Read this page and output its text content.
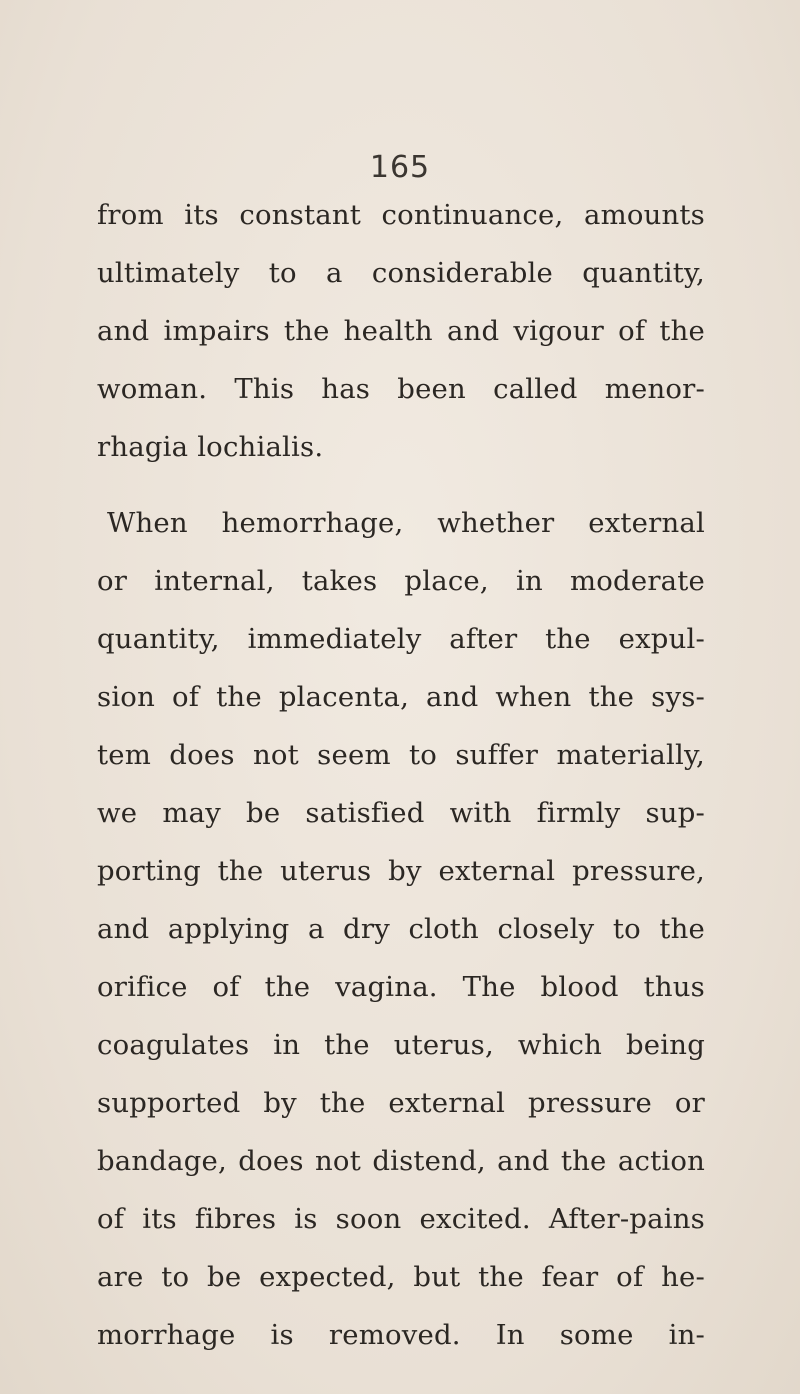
165
from its constant continuance, amounts
ultimately to a considerable quantity,
and impairs the health and vigour of the
woman. This has been called menor-
rhagia lochialis.
When hemorrhage, whether external
or internal, takes place, in moderate
quantity, immediately after the expul-
sion of the placenta, and when the sys-
tem does not seem to suffer materially,
we may be satisfied with firmly sup-
porting the uterus by external pressure,
and applying a dry cloth closely to the
orifice of the vagina. The blood thus
coagulates in the uterus, which being
supported by the external pressure or
bandage, does not distend, and the action
of its fibres is soon excited. After-pains
are to be expected, but the fear of he-
morrhage is removed. In some in-
